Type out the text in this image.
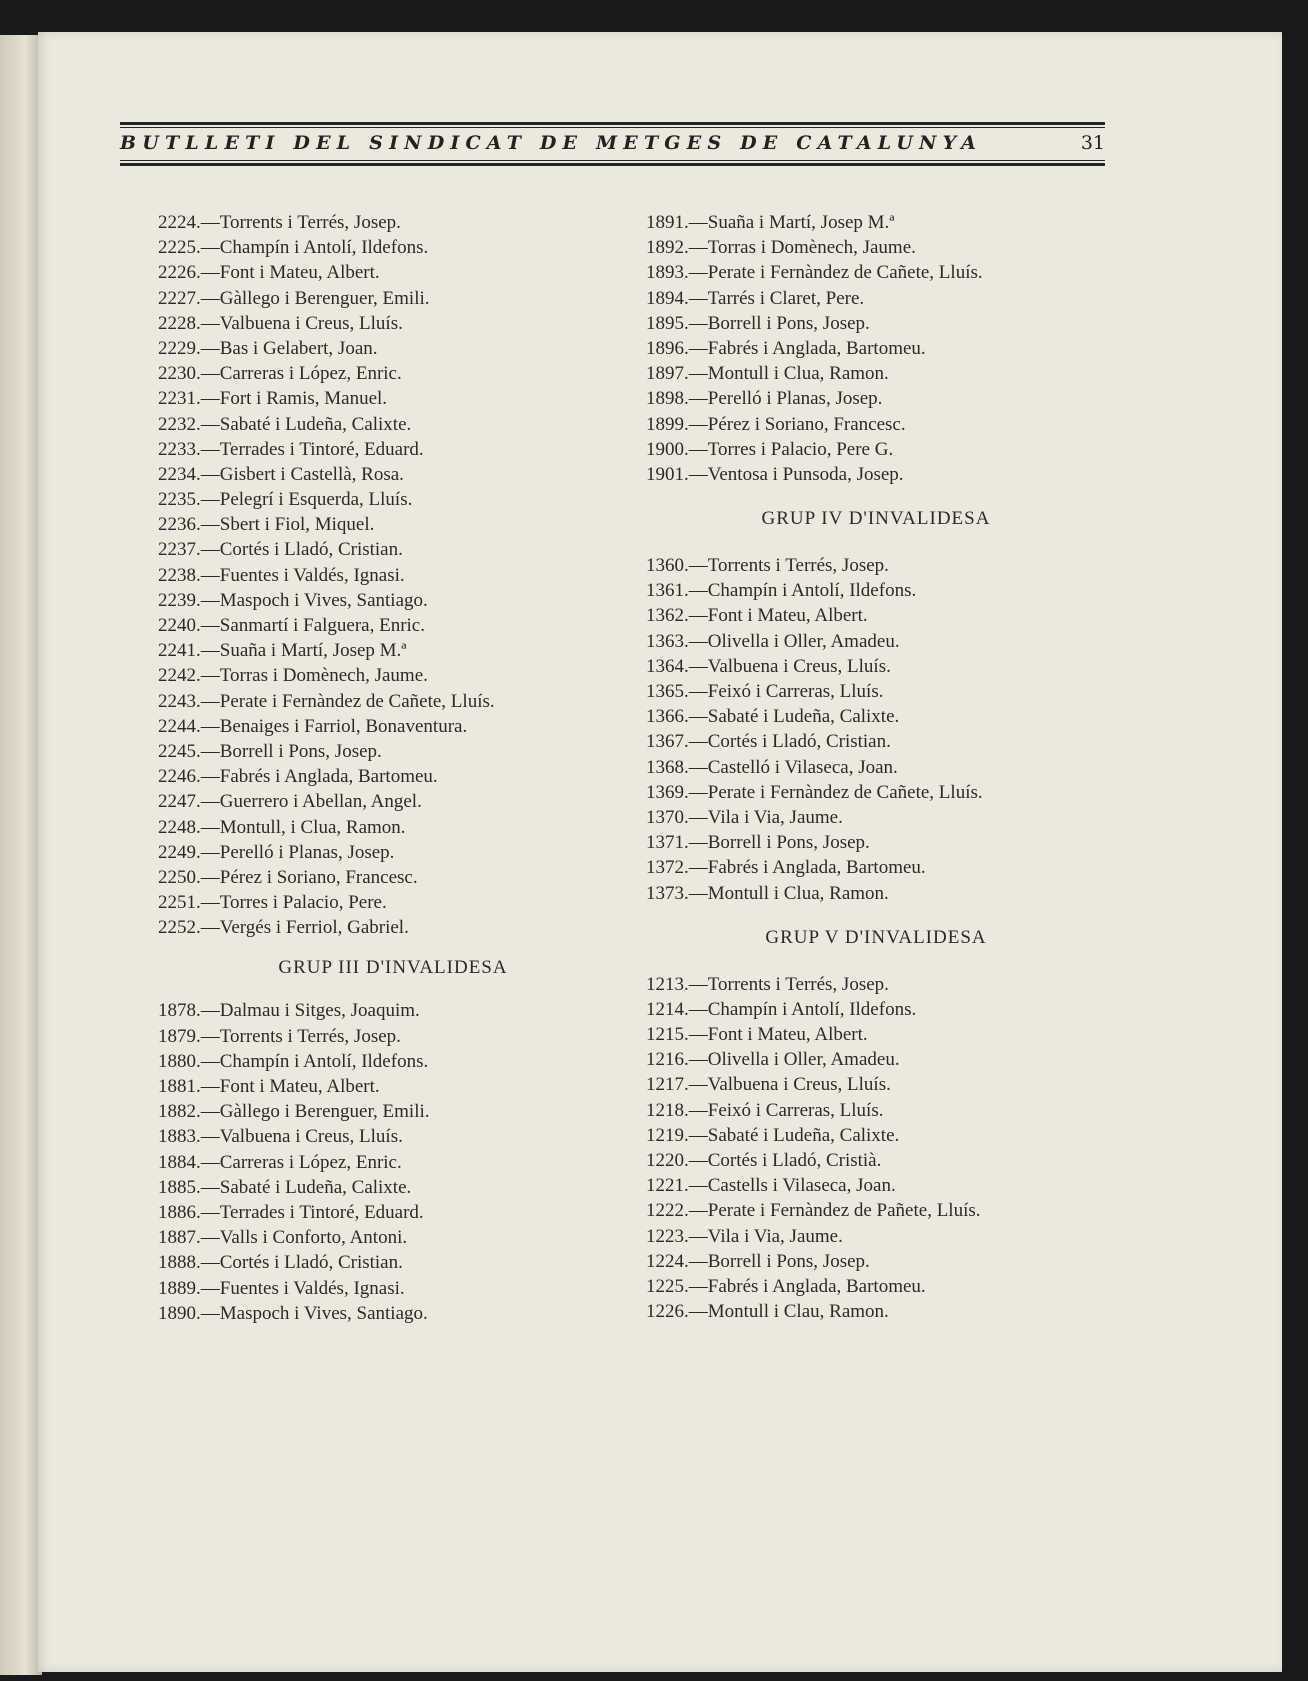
BUTLLETI DEL SINDICAT DE METGES DE CATALUNYA	31
2224.—Torrents i Terrés, Josep.
2225.—Champín i Antolí, Ildefons.
2226.—Font i Mateu, Albert.
2227.—Gàllego i Berenguer, Emili.
2228.—Valbuena i Creus, Lluís.
2229.—Bas i Gelabert, Joan.
2230.—Carreras i López, Enric.
2231.—Fort i Ramis, Manuel.
2232.—Sabaté i Ludeña, Calixte.
2233.—Terrades i Tintoré, Eduard.
2234.—Gisbert i Castellà, Rosa.
2235.—Pelegrí i Esquerda, Lluís.
2236.—Sbert i Fiol, Miquel.
2237.—Cortés i Lladó, Cristian.
2238.—Fuentes i Valdés, Ignasi.
2239.—Maspoch i Vives, Santiago.
2240.—Sanmartí i Falguera, Enric.
2241.—Suaña i Martí, Josep M.ª
2242.—Torras i Domènech, Jaume.
2243.—Perate i Fernàndez de Cañete, Lluís.
2244.—Benaiges i Farriol, Bonaventura.
2245.—Borrell i Pons, Josep.
2246.—Fabrés i Anglada, Bartomeu.
2247.—Guerrero i Abellan, Angel.
2248.—Montull, i Clua, Ramon.
2249.—Perelló i Planas, Josep.
2250.—Pérez i Soriano, Francesc.
2251.—Torres i Palacio, Pere.
2252.—Vergés i Ferriol, Gabriel.
GRUP III D'INVALIDESA
1878.—Dalmau i Sitges, Joaquim.
1879.—Torrents i Terrés, Josep.
1880.—Champín i Antolí, Ildefons.
1881.—Font i Mateu, Albert.
1882.—Gàllego i Berenguer, Emili.
1883.—Valbuena i Creus, Lluís.
1884.—Carreras i López, Enric.
1885.—Sabaté i Ludeña, Calixte.
1886.—Terrades i Tintoré, Eduard.
1887.—Valls i Conforto, Antoni.
1888.—Cortés i Lladó, Cristian.
1889.—Fuentes i Valdés, Ignasi.
1890.—Maspoch i Vives, Santiago.
1891.—Suaña i Martí, Josep M.ª
1892.—Torras i Domènech, Jaume.
1893.—Perate i Fernàndez de Cañete, Lluís.
1894.—Tarrés i Claret, Pere.
1895.—Borrell i Pons, Josep.
1896.—Fabrés i Anglada, Bartomeu.
1897.—Montull i Clua, Ramon.
1898.—Perelló i Planas, Josep.
1899.—Pérez i Soriano, Francesc.
1900.—Torres i Palacio, Pere G.
1901.—Ventosa i Punsoda, Josep.
GRUP IV D'INVALIDESA
1360.—Torrents i Terrés, Josep.
1361.—Champín i Antolí, Ildefons.
1362.—Font i Mateu, Albert.
1363.—Olivella i Oller, Amadeu.
1364.—Valbuena i Creus, Lluís.
1365.—Feixó i Carreras, Lluís.
1366.—Sabaté i Ludeña, Calixte.
1367.—Cortés i Lladó, Cristian.
1368.—Castelló i Vilaseca, Joan.
1369.—Perate i Fernàndez de Cañete, Lluís.
1370.—Vila i Via, Jaume.
1371.—Borrell i Pons, Josep.
1372.—Fabrés i Anglada, Bartomeu.
1373.—Montull i Clua, Ramon.
GRUP V D'INVALIDESA
1213.—Torrents i Terrés, Josep.
1214.—Champín i Antolí, Ildefons.
1215.—Font i Mateu, Albert.
1216.—Olivella i Oller, Amadeu.
1217.—Valbuena i Creus, Lluís.
1218.—Feixó i Carreras, Lluís.
1219.—Sabaté i Ludeña, Calixte.
1220.—Cortés i Lladó, Cristià.
1221.—Castells i Vilaseca, Joan.
1222.—Perate i Fernàndez de Pañete, Lluís.
1223.—Vila i Via, Jaume.
1224.—Borrell i Pons, Josep.
1225.—Fabrés i Anglada, Bartomeu.
1226.—Montull i Clau, Ramon.
